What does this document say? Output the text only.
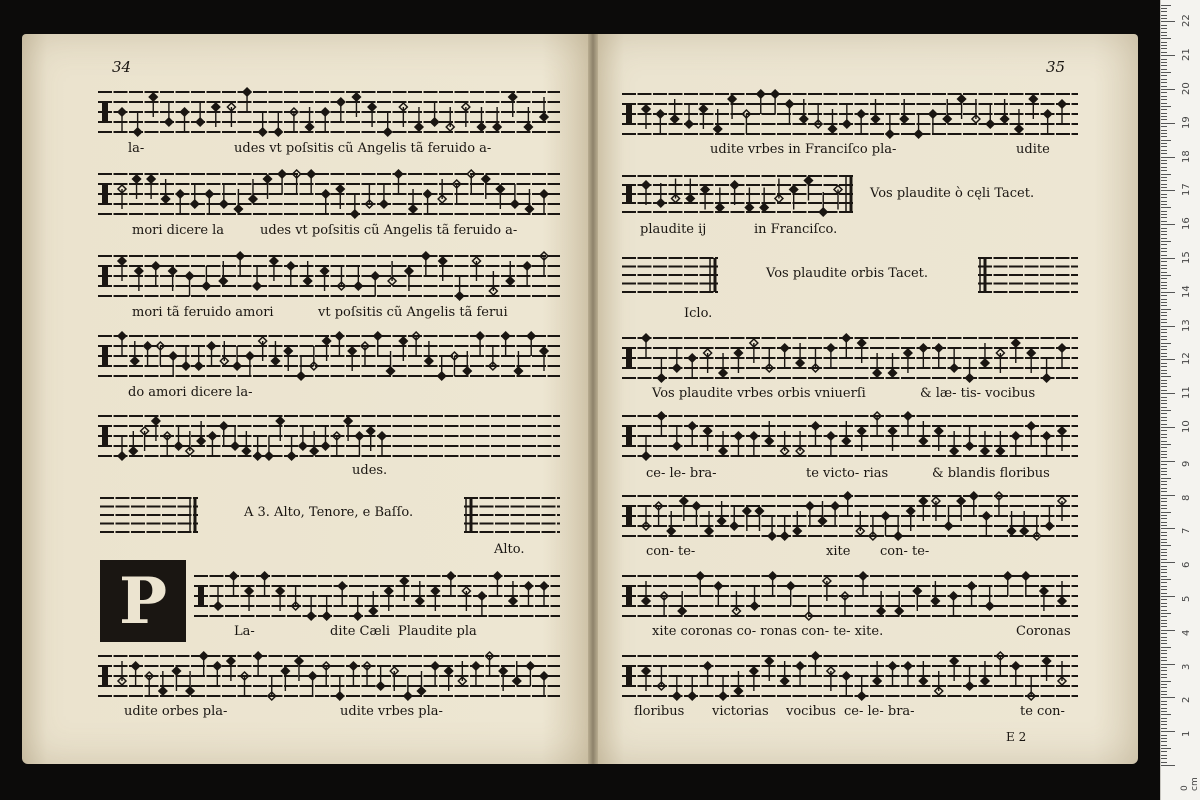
34	35
la-	udes vt poſsitis cũ Angelis tã feruido a-
mori dicere la	udes vt poſsitis cũ Angelis tã feruido a-
mori tã feruido amori	vt poſsitis cũ Angelis tã ferui
do amori dicere la-
udes.
A 3. Alto, Tenore, e Baſſo.
Alto.
P	La-	dite Cæli Plaudite pla
udite orbes pla-	udite vrbes pla-
udite vrbes in Franciſco pla-	udite
Vos plaudite ò cęli Tacet.
plaudite ij	in Franciſco.
Vos plaudite orbis Tacet.
Iclo.
Vos plaudite vrbes orbis vniuerſi	& læ- tis- vocibus
ce- le- bra-	te victo- rias	& blandis floribus
con- te-	xite con- te-
xite coronas co- ronas con- te- xite.	Coronas
floribus victorias vocibus ce- le- bra-	te con-
E 2
0 cm
1
2
3
4
5
6
7
8
9
10
11
12
13
14
15
16
17
18
19
20
21
22
